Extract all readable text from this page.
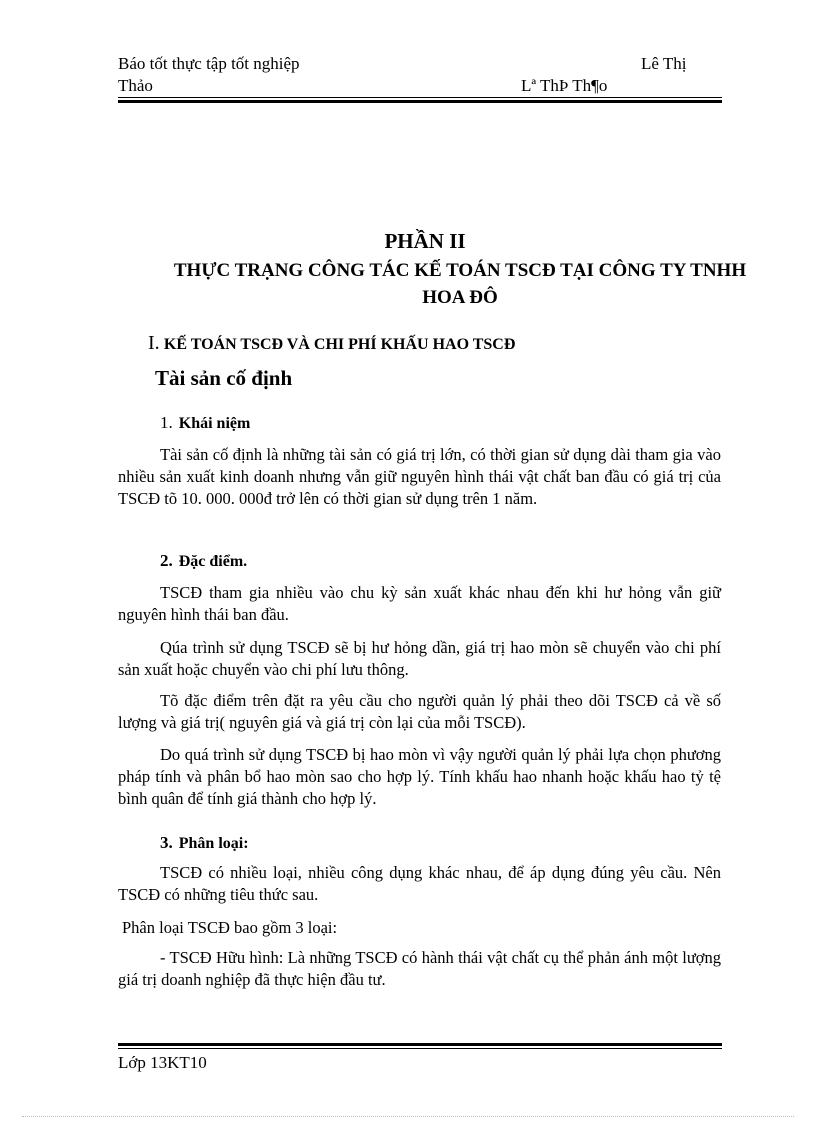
Báo tốt thực tập tốt nghiệp	Lê Thị
Thảo	Lª ThÞ Th¶o
PHẦN II
THỰC TRẠNG CÔNG TÁC KẾ TOÁN TSCĐ TẠI CÔNG TY TNHH HOA ĐÔ
I. KẾ TOÁN TSCĐ VÀ CHI PHÍ KHẤU HAO TSCĐ
Tài sản cố định
1. Khái niệm
Tài sản cố định là những tài sản có giá trị lớn, có thời gian sử dụng dài tham gia vào nhiều sản xuất kinh doanh nhưng vẫn giữ nguyên hình thái vật chất ban đầu có giá trị của TSCĐ tõ 10. 000. 000đ trở lên có thời gian sử dụng trên 1 năm.
2. Đặc điểm.
TSCĐ tham gia nhiều vào chu kỳ sản xuất khác nhau đến khi hư hỏng vẫn giữ nguyên hình thái ban đầu.
Qúa trình sử dụng TSCĐ sẽ bị hư hỏng dần, giá trị hao mòn sẽ chuyển vào chi phí sản xuất hoặc chuyển vào chi phí lưu thông.
Tõ đặc điểm trên đặt ra yêu cầu cho người quản lý phải theo dõi TSCĐ cả về số lượng và giá trị( nguyên giá và giá trị còn lại của mỗi TSCĐ).
Do quá trình sử dụng TSCĐ bị hao mòn vì vậy người quản lý phải lựa chọn phương pháp tính và phân bổ hao mòn sao cho hợp lý. Tính khấu hao nhanh hoặc khấu hao tỷ tệ bình quân để tính giá thành cho hợp lý.
3. Phân loại:
TSCĐ có nhiều loại, nhiều công dụng khác nhau, để áp dụng đúng yêu cầu. Nên TSCĐ có những tiêu thức sau.
Phân loại TSCĐ bao gồm 3 loại:
- TSCĐ Hữu hình: Là những TSCĐ có hành thái vật chất cụ thể phản ánh một lượng giá trị doanh nghiệp đã thực hiện đầu tư.
Lớp 13KT10
